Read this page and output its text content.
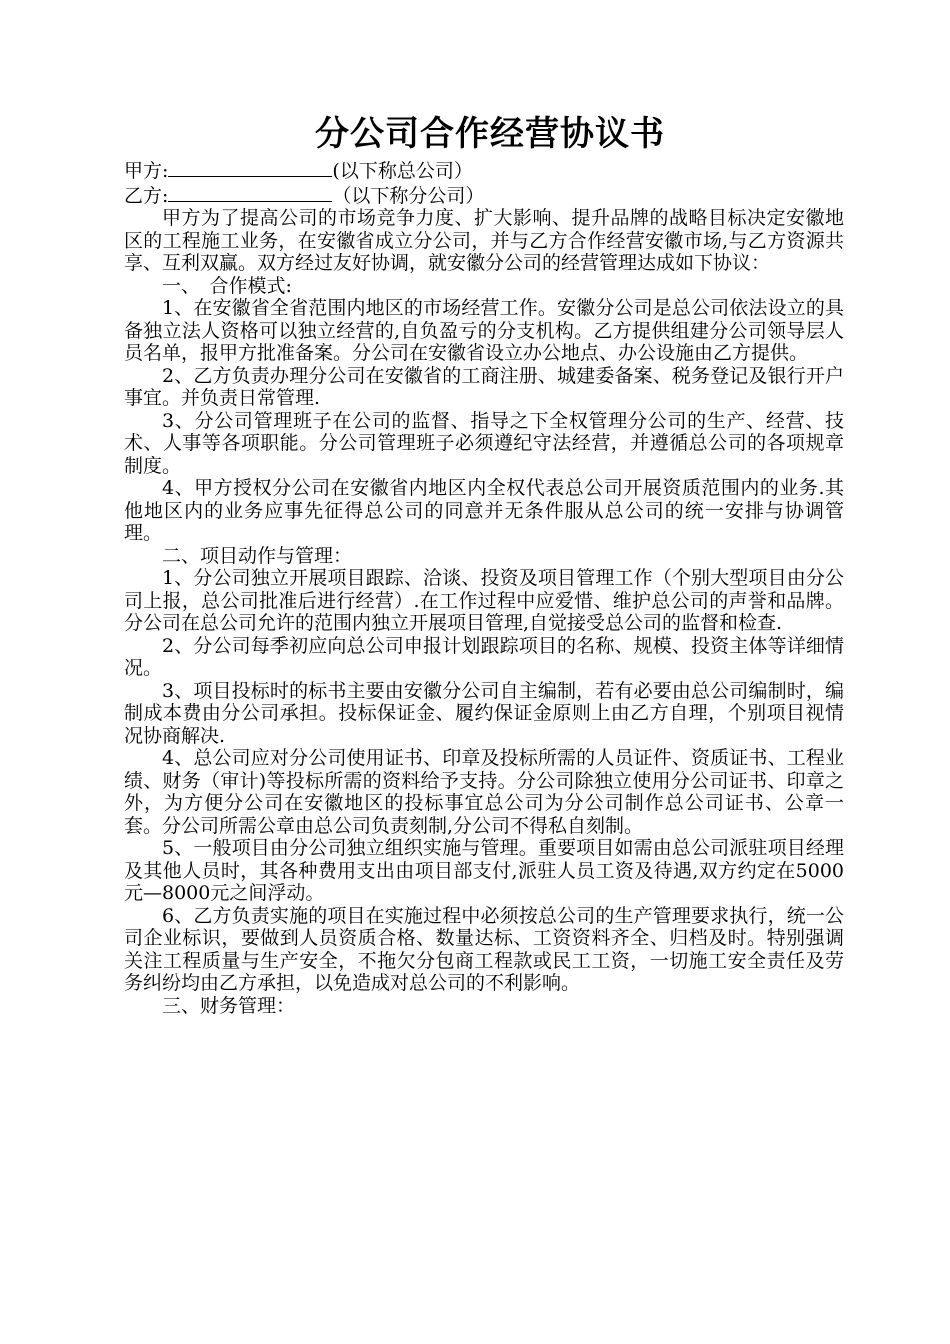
分公司合作经营协议书
甲方:	(以下称总公司）
乙方:	（以下称分公司）

甲方为了提高公司的市场竞争力度、扩大影响、提升品牌的战略目标决定安徽地区的工程施工业务，在安徽省成立分公司，并与乙方合作经营安徽市场,与乙方资源共享、互利双赢。双方经过友好协调，就安徽分公司的经营管理达成如下协议：

一、　合作模式:

1、在安徽省全省范围内地区的市场经营工作。安徽分公司是总公司依法设立的具备独立法人资格可以独立经营的,自负盈亏的分支机构。乙方提供组建分公司领导层人员名单，报甲方批准备案。分公司在安徽省设立办公地点、办公设施由乙方提供。

2、乙方负责办理分公司在安徽省的工商注册、城建委备案、税务登记及银行开户事宜。并负责日常管理.

3、分公司管理班子在公司的监督、指导之下全权管理分公司的生产、经营、技术、人事等各项职能。分公司管理班子必须遵纪守法经营，并遵循总公司的各项规章制度。

4、甲方授权分公司在安徽省内地区内全权代表总公司开展资质范围内的业务.其他地区内的业务应事先征得总公司的同意并无条件服从总公司的统一安排与协调管理。

二、项目动作与管理：

1、分公司独立开展项目跟踪、洽谈、投资及项目管理工作（个别大型项目由分公司上报，总公司批准后进行经营）.在工作过程中应爱惜、维护总公司的声誉和品牌。分公司在总公司允许的范围内独立开展项目管理,自觉接受总公司的监督和检查.

2、分公司每季初应向总公司申报计划跟踪项目的名称、规模、投资主体等详细情况。

3、项目投标时的标书主要由安徽分公司自主编制，若有必要由总公司编制时，编制成本费由分公司承担。投标保证金、履约保证金原则上由乙方自理，个别项目视情况协商解决.

4、总公司应对分公司使用证书、印章及投标所需的人员证件、资质证书、工程业绩、财务（审计)等投标所需的资料给予支持。分公司除独立使用分公司证书、印章之外，为方便分公司在安徽地区的投标事宜总公司为分公司制作总公司证书、公章一套。分公司所需公章由总公司负责刻制,分公司不得私自刻制。

5、一般项目由分公司独立组织实施与管理。重要项目如需由总公司派驻项目经理及其他人员时，其各种费用支出由项目部支付,派驻人员工资及待遇,双方约定在5000元—8000元之间浮动。

6、乙方负责实施的项目在实施过程中必须按总公司的生产管理要求执行，统一公司企业标识，要做到人员资质合格、数量达标、工资资料齐全、归档及时。特别强调关注工程质量与生产安全，不拖欠分包商工程款或民工工资，一切施工安全责任及劳务纠纷均由乙方承担，以免造成对总公司的不利影响。

三、财务管理：
